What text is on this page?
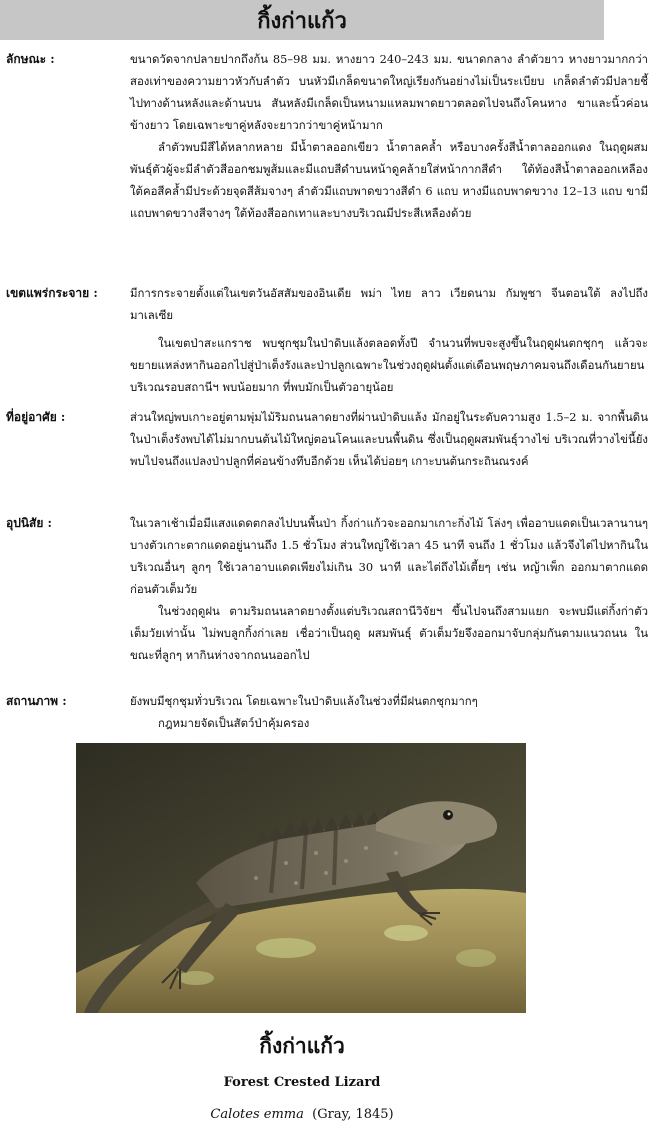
กิ้งก่าแก้ว
ลักษณะ :	ขนาดวัดจากปลายปากถึงก้น 85–98 มม. หางยาว 240–243 มม. ขนาดกลาง ลำตัวยาว หางยาวมากกว่าสองเท่าของความยาวหัวกับลำตัว บนหัวมีเกล็ดขนาดใหญ่เรียงกันอย่างไม่เป็นระเบียบ เกล็ดลำตัวมีปลายชี้ไปทางด้านหลังและด้านบน สันหลังมีเกล็ดเป็นหนามแหลมพาดยาวตลอดไปจนถึงโคนหาง ขาและนิ้วค่อนข้างยาว โดยเฉพาะขาคู่หลังจะยาวกว่าขาคู่หน้ามาก

ลำตัวพบมีสีได้หลากหลาย มีน้ำตาลออกเขียว น้ำตาลคล้ำ หรือบางครั้งสีน้ำตาลออกแดง ในฤดูผสมพันธุ์ตัวผู้จะมีลำตัวสีออกชมพูส้มและมีแถบสีดำบนหน้าดูคล้ายใส่หน้ากากสีดำ ใต้ท้องสีน้ำตาลออกเหลือง ใต้คอสีคล้ำมีประด้วยจุดสีส้มจางๆ ลำตัวมีแถบพาดขวางสีดำ 6 แถบ หางมีแถบพาดขวาง 12–13 แถบ ขามีแถบพาดขวางสีจางๆ ใต้ท้องสีออกเทาและบางบริเวณมีประสีเหลืองด้วย

เขตแพร่กระจาย :	มีการกระจายตั้งแต่ในเขตวันอัสสัมของอินเดีย พม่า ไทย ลาว เวียดนาม กัมพูชา จีนตอนใต้ ลงไปถึงมาเลเซีย

ในเขตป่าสะแกราช พบชุกชุมในป่าดิบแล้งตลอดทั้งปี จำนวนที่พบจะสูงขึ้นในฤดูฝนตกชุกๆ แล้วจะขยายแหล่งหากินออกไปสู่ป่าเต็งรังและป่าปลูกเฉพาะในช่วงฤดูฝนตั้งแต่เดือนพฤษภาคมจนถึงเดือนกันยายน บริเวณรอบสถานีฯ พบน้อยมาก ที่พบมักเป็นตัวอายุน้อย

ที่อยู่อาศัย :	ส่วนใหญ่พบเกาะอยู่ตามพุ่มไม้ริมถนนลาดยางที่ผ่านป่าดิบแล้ง มักอยู่ในระดับความสูง 1.5–2 ม. จากพื้นดิน ในป่าเต็งรังพบได้ไม่มากบนต้นไม้ใหญ่ตอนโคนและบนพื้นดิน ซึ่งเป็นฤดูผสมพันธุ์วางไข่ บริเวณที่วางไข่นี้ยังพบไปจนถึงแปลงป่าปลูกที่ค่อนข้างทึบอีกด้วย เห็นได้บ่อยๆ เกาะบนต้นกระถินณรงค์

อุปนิสัย :	ในเวลาเช้าเมื่อมีแสงแดดตกลงไปบนพื้นป่า กิ้งก่าแก้วจะออกมาเกาะกิ่งไม้ โล่งๆ เพื่ออาบแดดเป็นเวลานานๆ บางตัวเกาะตากแดดอยู่นานถึง 1.5 ชั่วโมง ส่วนใหญ่ใช้เวลา 45 นาที จนถึง 1 ชั่วโมง แล้วจึงไต่ไปหากินในบริเวณอื่นๆ ลูกๆ ใช้เวลาอาบแดดเพียงไม่เกิน 30 นาที และไต่ถึงไม้เตี้ยๆ เช่น หญ้าเพ็ก ออกมาตากแดดก่อนตัวเต็มวัย

ในช่วงฤดูฝน ตามริมถนนลาดยางตั้งแต่บริเวณสถานีวิจัยฯ ขึ้นไปจนถึงสามแยก จะพบมีแต่กิ้งก่าตัวเต็มวัยเท่านั้น ไม่พบลูกกิ้งก่าเลย เชื่อว่าเป็นฤดู ผสมพันธุ์ ตัวเต็มวัยจึงออกมาจับกลุ่มกันตามแนวถนน ในขณะที่ลูกๆ หากินห่างจากถนนออกไป

สถานภาพ :	ยังพบมีชุกชุมทั่วบริเวณ โดยเฉพาะในป่าดิบแล้งในช่วงที่มีฝนตกชุกมากๆ

กฎหมายจัดเป็นสัตว์ป่าคุ้มครอง

กิ้งก่าแก้ว
Forest Crested Lizard
Calotes emma (Gray, 1845)
